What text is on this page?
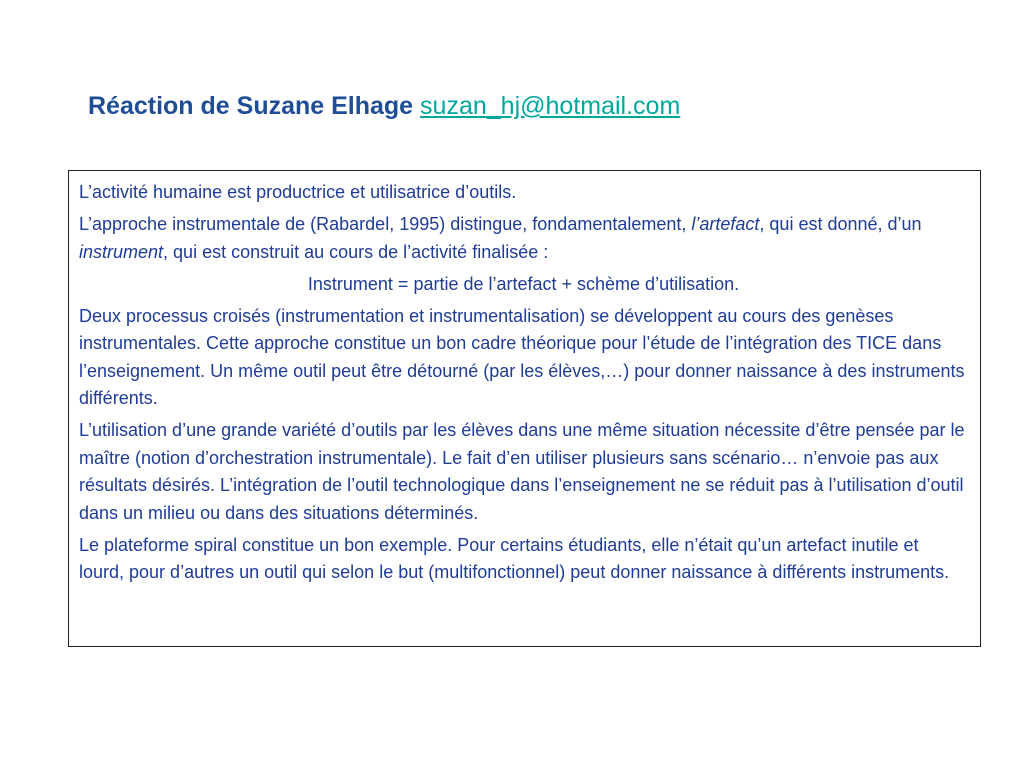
Réaction de Suzane Elhage suzan_hj@hotmail.com

L’activité humaine est productrice et utilisatrice d’outils.

L’approche instrumentale de (Rabardel, 1995) distingue, fondamentalement, l’artefact, qui est donné, d’un instrument, qui est construit au cours de l’activité finalisée :

Instrument = partie de l’artefact + schème d’utilisation.

Deux processus croisés (instrumentation et instrumentalisation) se développent au cours des genèses instrumentales. Cette approche constitue un bon cadre théorique pour l’étude de l’intégration des TICE dans l’enseignement. Un même outil peut être détourné (par les élèves,…) pour donner naissance à des instruments différents.

L’utilisation d’une grande variété d’outils par les élèves dans une même situation nécessite d’être pensée par le maître (notion d’orchestration instrumentale). Le fait d’en utiliser plusieurs sans scénario… n’envoie pas aux résultats désirés. L’intégration de l’outil technologique dans l’enseignement ne se réduit pas à l’utilisation d’outil dans un milieu ou dans des situations déterminés.

Le plateforme spiral constitue un bon exemple. Pour certains étudiants, elle n’était qu’un artefact inutile et lourd, pour d’autres un outil qui selon le but (multifonctionnel) peut donner naissance à différents instruments.
